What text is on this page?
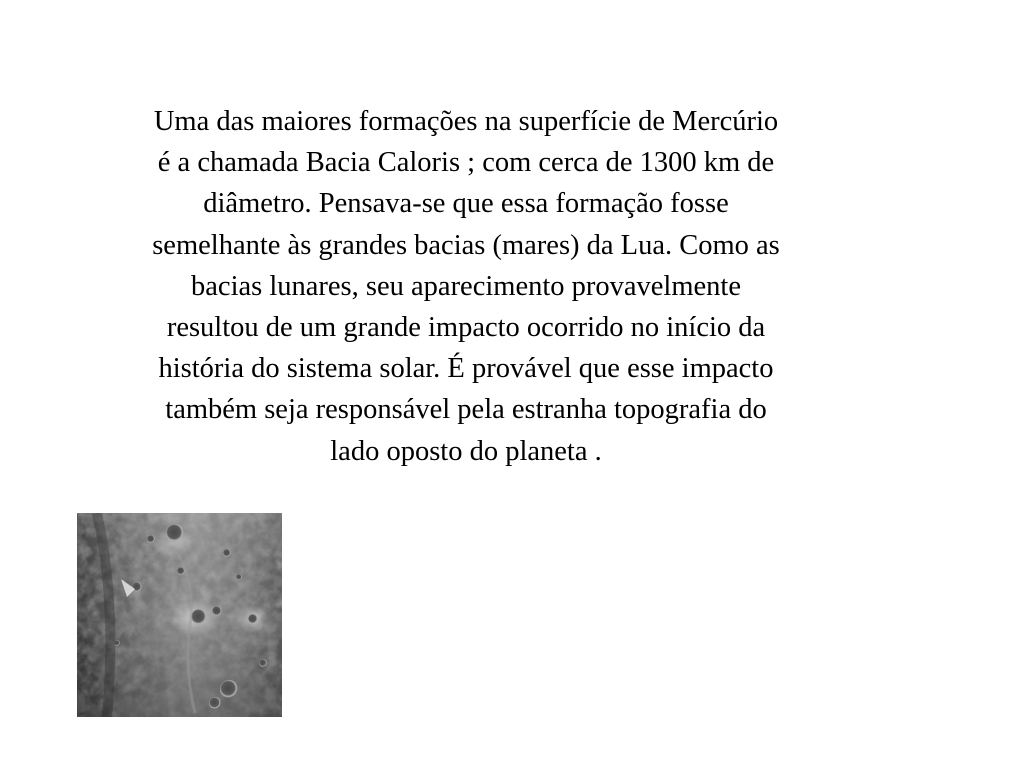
Uma das maiores formações na superfície de Mercúrio
é a chamada Bacia Caloris ; com cerca de 1300 km de
diâmetro. Pensava-se que essa formação fosse
semelhante às grandes bacias (mares) da Lua. Como as
bacias lunares, seu aparecimento provavelmente
resultou de um grande impacto ocorrido no início da
história do sistema solar. É provável que esse impacto
também seja responsável pela estranha topografia do
lado oposto do planeta .
